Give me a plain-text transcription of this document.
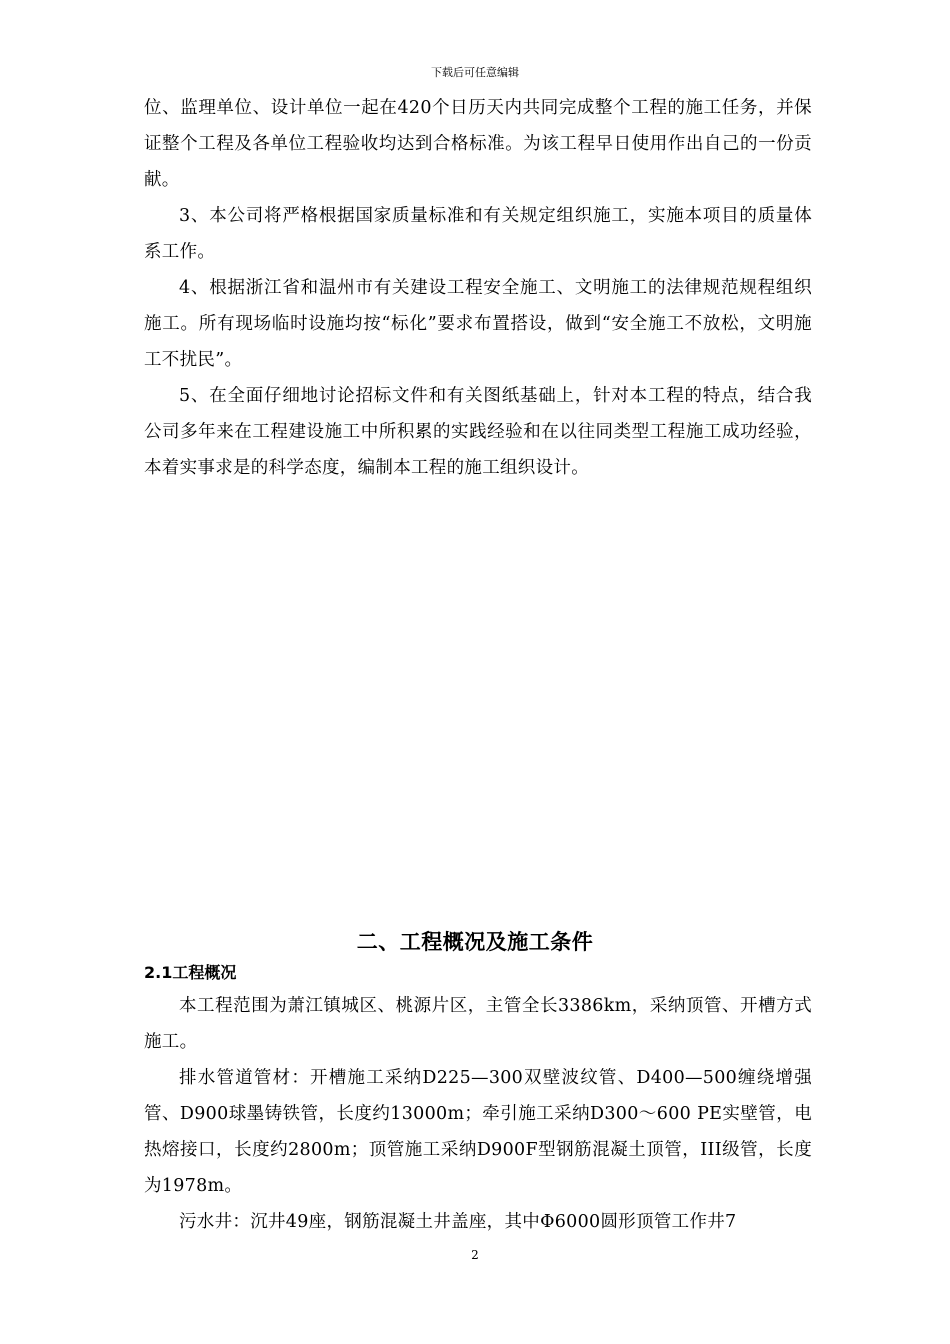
下载后可任意编辑

位、监理单位、设计单位一起在420个日历天内共同完成整个工程的施工任务，并保证整个工程及各单位工程验收均达到合格标准。为该工程早日使用作出自己的一份贡献。

3、本公司将严格根据国家质量标准和有关规定组织施工，实施本项目的质量体系工作。

4、根据浙江省和温州市有关建设工程安全施工、文明施工的法律规范规程组织施工。所有现场临时设施均按“标化”要求布置搭设，做到“安全施工不放松，文明施工不扰民”。

5、在全面仔细地讨论招标文件和有关图纸基础上，针对本工程的特点，结合我公司多年来在工程建设施工中所积累的实践经验和在以往同类型工程施工成功经验，本着实事求是的科学态度，编制本工程的施工组织设计。

二、工程概况及施工条件
2.1工程概况

本工程范围为萧江镇城区、桃源片区，主管全长3386km，采纳顶管、开槽方式施工。

排水管道管材：开槽施工采纳D225—300双壁波纹管、D400—500缠绕增强管、D900球墨铸铁管，长度约13000m；牵引施工采纳D300～600 PE实壁管，电热熔接口，长度约2800m；顶管施工采纳D900F型钢筋混凝土顶管，III级管，长度为1978m。

污水井：沉井49座，钢筋混凝土井盖座，其中Φ6000圆形顶管工作井7

2
